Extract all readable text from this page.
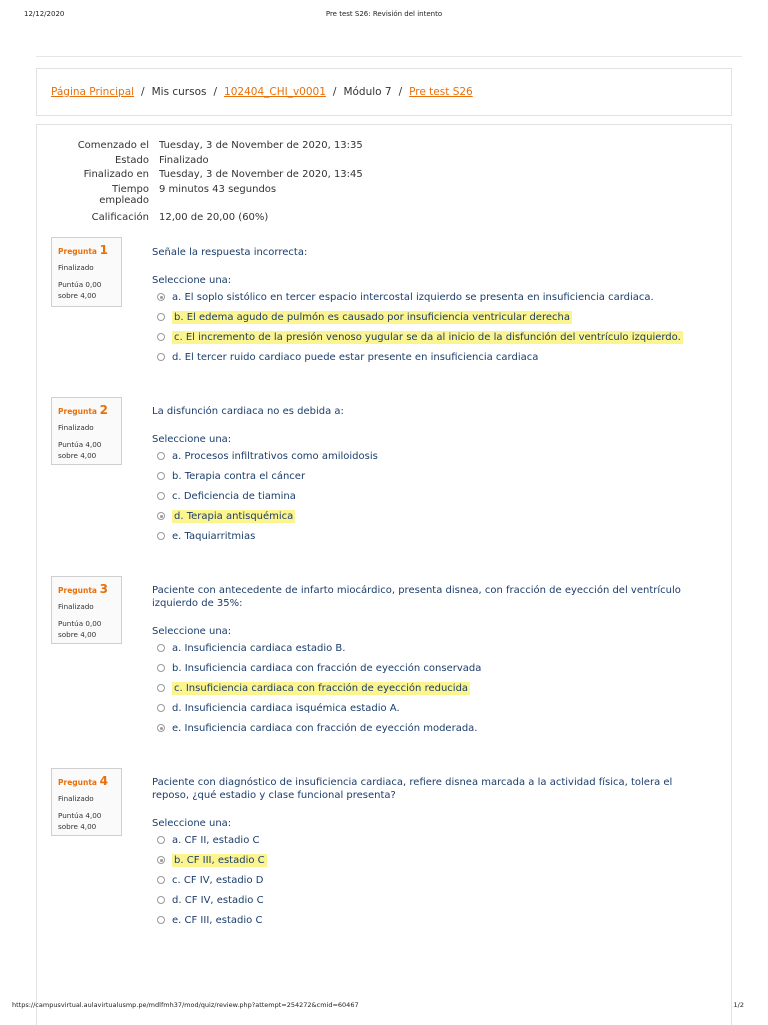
12/12/2020	Pre test S26: Revisión del intento
Página Principal / Mis cursos / 102404_CHI_v0001 / Módulo 7 / Pre test S26
Comenzado el Tuesday, 3 de November de 2020, 13:35
Estado Finalizado
Finalizado en Tuesday, 3 de November de 2020, 13:45
Tiempo
empleado
9 minutos 43 segundos
Calificación 12,00 de 20,00 (60%)
Pregunta 1
Finalizado
Puntúa 0,00
sobre 4,00
Señale la respuesta incorrecta:
Seleccione una:
a. El soplo sistólico en tercer espacio intercostal izquierdo se presenta en insuficiencia cardiaca.
b. El edema agudo de pulmón es causado por insuficiencia ventricular derecha
c. El incremento de la presión venoso yugular se da al inicio de la disfunción del ventrículo izquierdo.
d. El tercer ruido cardiaco puede estar presente en insuficiencia cardiaca
Pregunta 2
Finalizado
Puntúa 4,00
sobre 4,00
La disfunción cardiaca no es debida a:
Seleccione una:
a. Procesos infiltrativos como amiloidosis
b. Terapia contra el cáncer
c. Deficiencia de tiamina
d. Terapia antisquémica
e. Taquiarritmias
Pregunta 3
Finalizado
Puntúa 0,00
sobre 4,00
Paciente con antecedente de infarto miocárdico, presenta disnea, con fracción de eyección del ventrículo izquierdo de 35%:
Seleccione una:
a. Insuficiencia cardiaca estadio B.
b. Insuficiencia cardiaca con fracción de eyección conservada
c. Insuficiencia cardiaca con fracción de eyección reducida
d. Insuficiencia cardiaca isquémica estadio A.
e. Insuficiencia cardiaca con fracción de eyección moderada.
Pregunta 4
Finalizado
Puntúa 4,00
sobre 4,00
Paciente con diagnóstico de insuficiencia cardiaca, refiere disnea marcada a la actividad física, tolera el reposo, ¿qué estadio y clase funcional presenta?
Seleccione una:
a. CF II, estadio C
b. CF III, estadio C
c. CF IV, estadio D
d. CF IV, estadio C
e. CF III, estadio C
https://campusvirtual.aulavirtualusmp.pe/mdlfmh37/mod/quiz/review.php?attempt=254272&cmid=60467	1/2
